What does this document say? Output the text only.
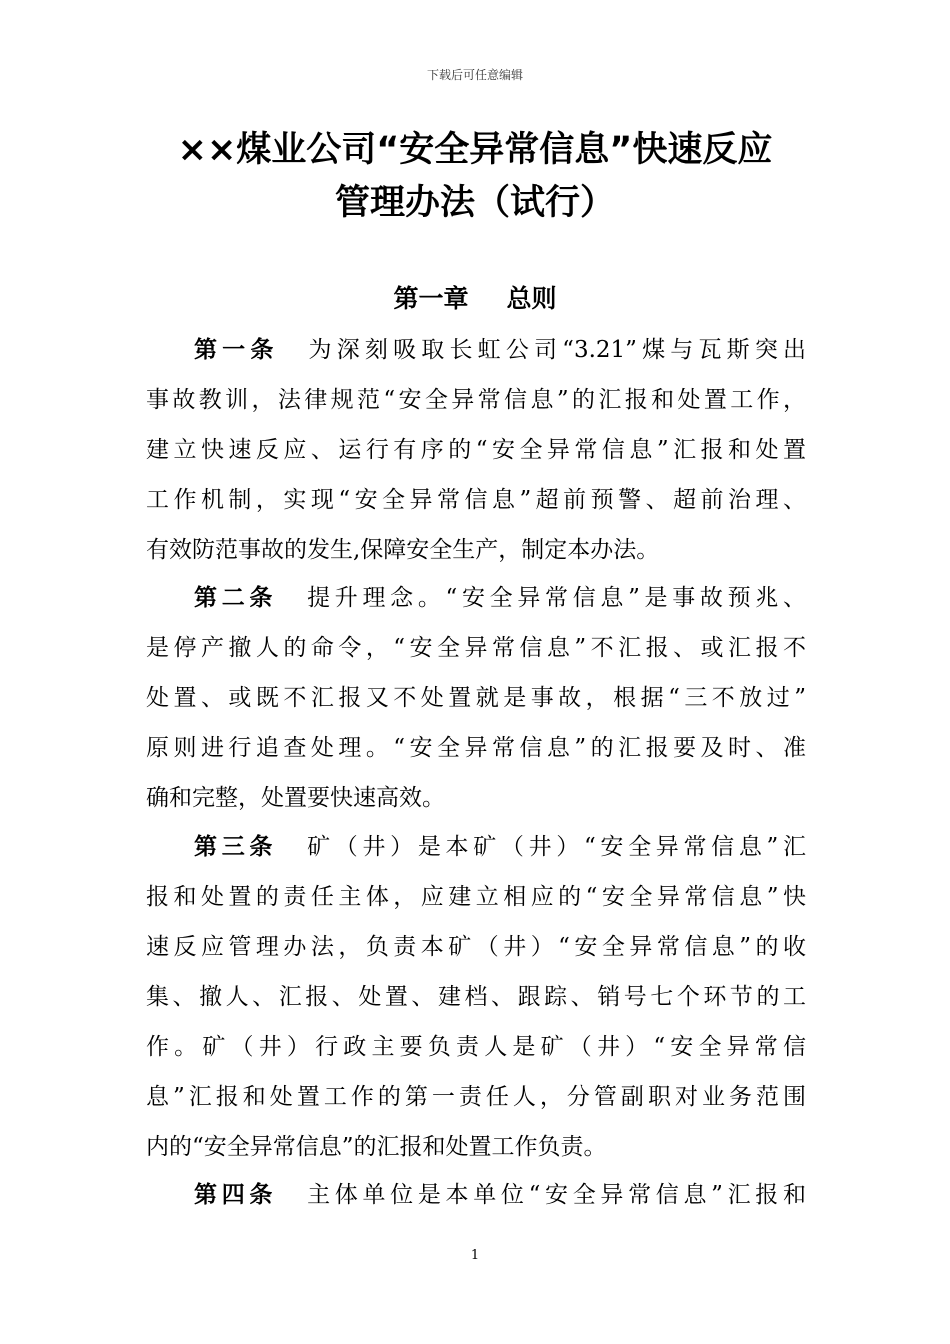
下载后可任意编辑
××煤业公司“安全异常信息”快速反应
管理办法（试行）
第一章 总则
第一条 为深刻吸取长虹公司“3.21”煤与瓦斯突出
事故教训，法律规范“安全异常信息”的汇报和处置工作，
建立快速反应、运行有序的“安全异常信息”汇报和处置
工作机制，实现“安全异常信息”超前预警、超前治理、
有效防范事故的发生,保障安全生产，制定本办法。
第二条 提升理念。“安全异常信息”是事故预兆、
是停产撤人的命令，“安全异常信息”不汇报、或汇报不
处置、或既不汇报又不处置就是事故，根据“三不放过”
原则进行追查处理。“安全异常信息”的汇报要及时、准
确和完整，处置要快速高效。
第三条 矿（井）是本矿（井）“安全异常信息”汇
报和处置的责任主体，应建立相应的“安全异常信息”快
速反应管理办法，负责本矿（井）“安全异常信息”的收
集、撤人、汇报、处置、建档、跟踪、销号七个环节的工
作。矿（井）行政主要负责人是矿（井）“安全异常信
息”汇报和处置工作的第一责任人，分管副职对业务范围
内的“安全异常信息”的汇报和处置工作负责。
第四条 主体单位是本单位“安全异常信息”汇报和
1
